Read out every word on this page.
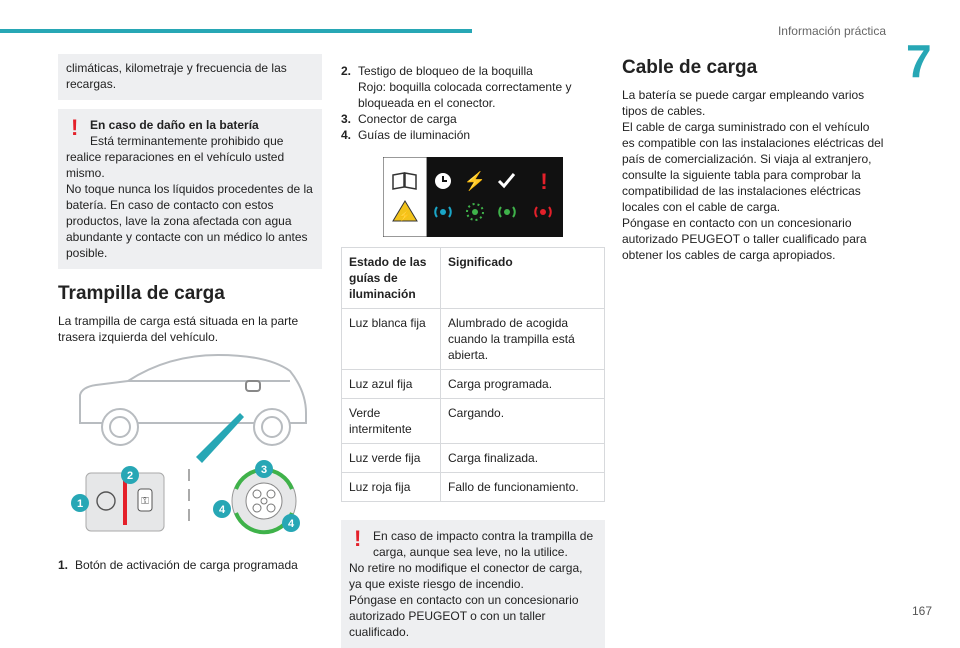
Información práctica
7

climáticas, kilometraje y frecuencia de las recargas.

! En caso de daño en la batería

Está terminantemente prohibido que realice reparaciones en el vehículo usted mismo.
No toque nunca los líquidos procedentes de la batería. En caso de contacto con estos productos, lave la zona afectada con agua abundante y contacte con un médico lo antes posible.

Trampilla de carga

La trampilla de carga está situada en la parte trasera izquierda del vehículo.

⚿
1
2	3
4
4
1. Botón de activación de carga programada
2. Testigo de bloqueo de la boquilla
Rojo: boquilla colocada correctamente y bloqueada en el conector.
3. Conector de carga
4. Guías de iluminación
⚡
⚡ !
Estado de las guías de iluminación	Significado
Luz blanca fija	Alumbrado de acogida cuando la trampilla está abierta.
Luz azul fija	Carga programada.
Verde intermitente	Cargando.
Luz verde fija	Carga finalizada.
Luz roja fija	Fallo de funcionamiento.
! En caso de impacto contra la trampilla de carga, aunque sea leve, no la utilice.

No retire no modifique el conector de carga, ya que existe riesgo de incendio.
Póngase en contacto con un concesionario autorizado PEUGEOT o con un taller cualificado.

Cable de carga

La batería se puede cargar empleando varios tipos de cables.
El cable de carga suministrado con el vehículo es compatible con las instalaciones eléctricas del país de comercialización. Si viaja al extranjero, consulte la siguiente tabla para comprobar la compatibilidad de las instalaciones eléctricas locales con el cable de carga.
Póngase en contacto con un concesionario autorizado PEUGEOT o taller cualificado para obtener los cables de carga apropiados.

167
